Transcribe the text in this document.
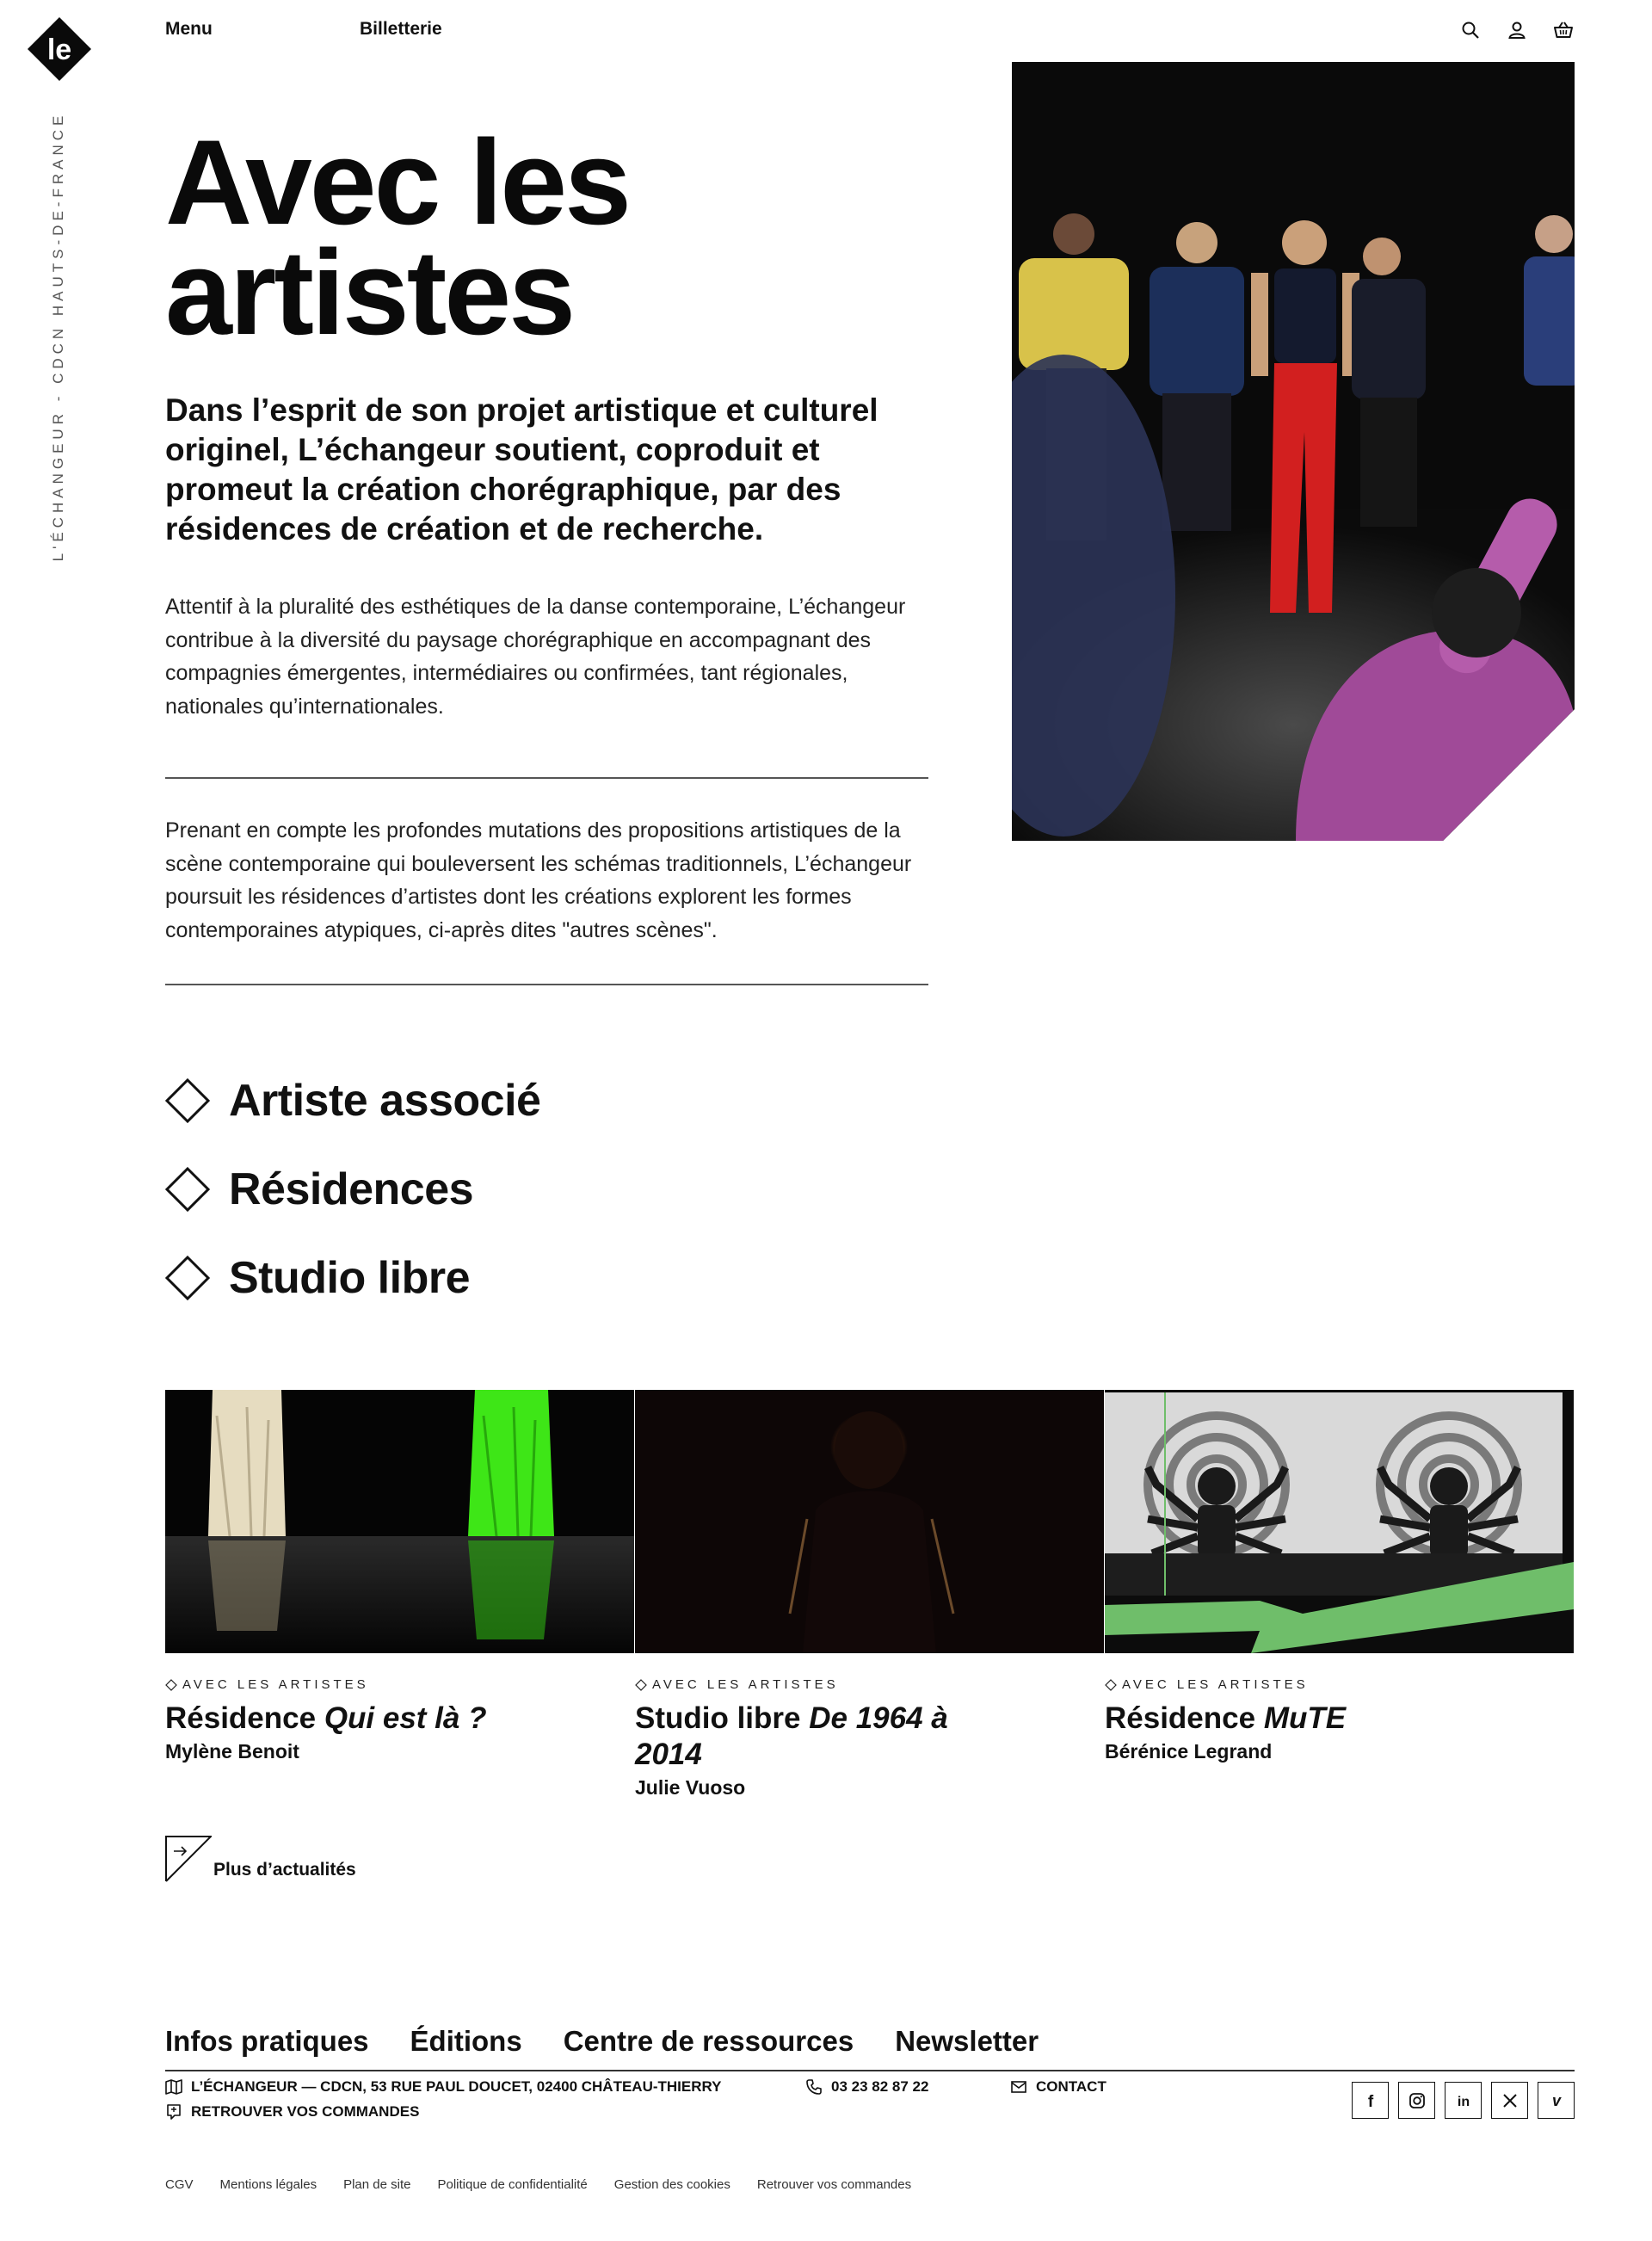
le
L'ÉCHANGEUR - CDCN HAUTS-DE-FRANCE
Menu	Billetterie
Avec les
artistes

Dans l’esprit de son projet artistique et culturel originel, L’échangeur soutient, coproduit et promeut la création chorégraphique, par des résidences de création et de recherche.

Attentif à la pluralité des esthétiques de la danse contemporaine, L’échangeur contribue à la diversité du paysage chorégraphique en accompagnant des compagnies émergentes, intermédiaires ou confirmées, tant régionales, nationales qu’internationales.

Prenant en compte les profondes mutations des propositions artistiques de la scène contemporaine qui bouleversent les schémas traditionnels, L’échangeur poursuit les résidences d’artistes dont les créations explorent les formes contemporaines atypiques, ci-après dites "autres scènes".

Artiste associé
Résidences
Studio libre
AVEC LES ARTISTES
Résidence Qui est là ?
Mylène Benoit
AVEC LES ARTISTES
Studio libre De 1964 à 2014
Julie Vuoso
AVEC LES ARTISTES
Résidence MuTE
Bérénice Legrand
Plus d’actualités
Infos pratiques Éditions Centre de ressources Newsletter
L’ÉCHANGEUR — CDCN, 53 RUE PAUL DOUCET, 02400 CHÂTEAU-THIERRY
RETROUVER VOS COMMANDES
03 23 82 87 22	CONTACT
f	in	v
CGV Mentions légales Plan de site Politique de confidentialité Gestion des cookies Retrouver vos commandes
